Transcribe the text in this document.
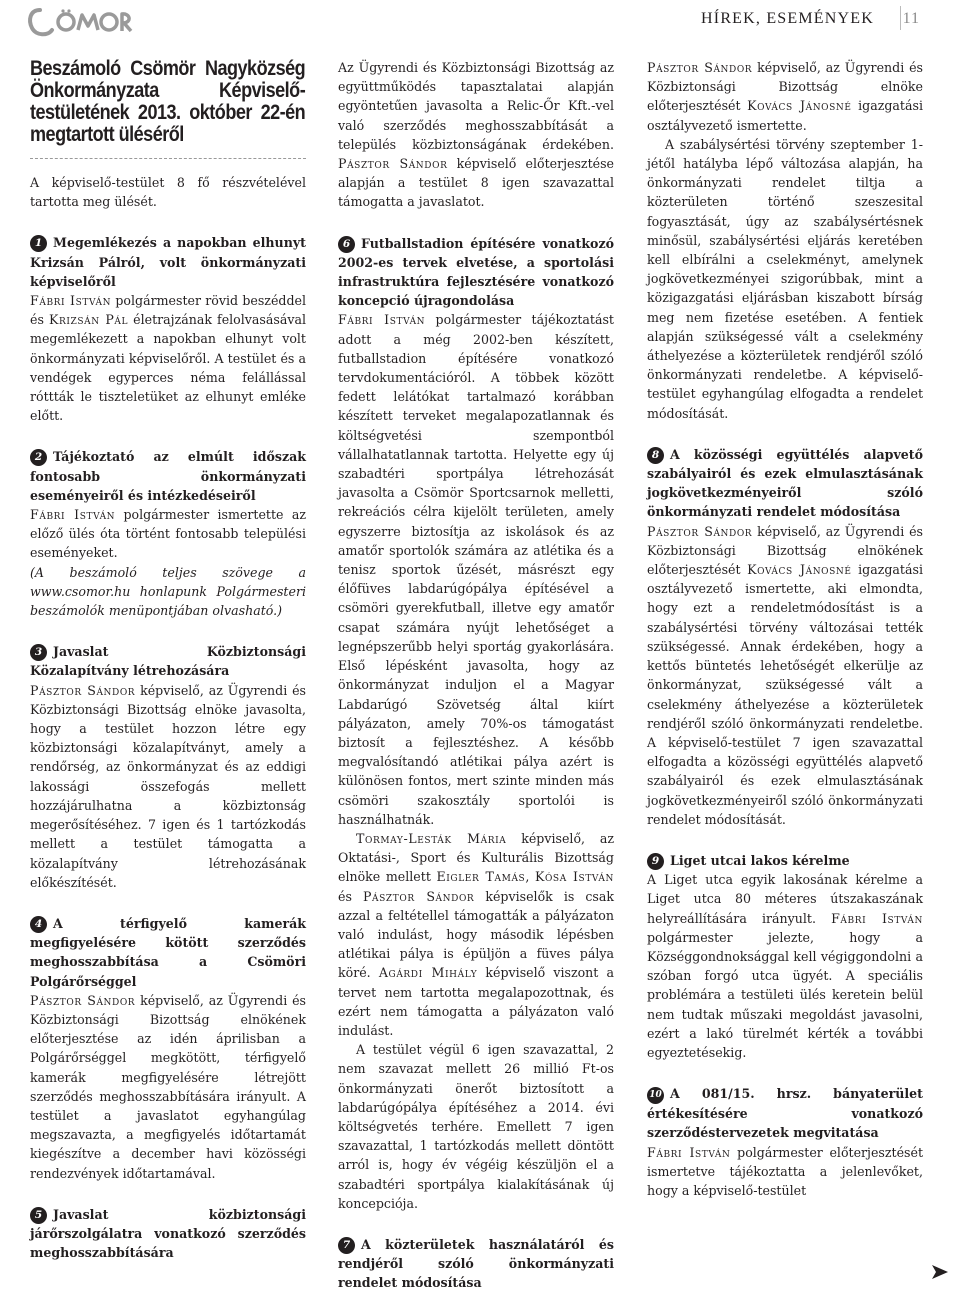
HÍREK, ESEMÉNYEK 11
Beszámoló Csömör Nagyközség Önkormányzata Képviselő-testületének 2013. október 22-én megtartott üléséről

A képviselő-testület 8 fő részvételével tartotta meg ülését.

1 Megemlékezés a napokban elhunyt Krizsán Pálról, volt önkormányzati képviselőről

Fábri István polgármester rövid beszéddel és Krizsán Pál életrajzának felolvasásával megemlékezett a napokban elhunyt volt önkormányzati képviselőről. A testület és a vendégek egyperces néma felállással róttták le tiszteletüket az elhunyt emléke előtt.

2 Tájékoztató az elmúlt időszak fontosabb önkormányzati eseményeiről és intézkedéseiről

Fábri István polgármester ismertette az előző ülés óta történt fontosabb települési eseményeket.

(A beszámoló teljes szövege a www.csomor.hu honlapunk Polgármesteri beszámolók menüpontjában olvasható.)

3 Javaslat Közbiztonsági Közalapítvány létrehozására

Pásztor Sándor képviselő, az Ügyrendi és Közbiztonsági Bizottság elnöke javasolta, hogy a testület hozzon létre egy közbiztonsági közalapítványt, amely a rendőrség, az önkormányzat és az eddigi lakossági összefogás mellett hozzájárulhatna a közbiztonság megerősítéséhez. 7 igen és 1 tartózkodás mellett a testület támogatta a közalapítvány létrehozásának előkészítését.

4 A térfigyelő kamerák megfigyelésére kötött szerződés meghosszabbítása a Csömöri Polgárőrséggel

Pásztor Sándor képviselő, az Ügyrendi és Közbiztonsági Bizottság elnökének előterjesztése az idén áprilisban a Polgárőrséggel megkötött, térfigyelő kamerák megfigyelésére létrejött szerződés meghosszabbítására irányult. A testület a javaslatot egyhangúlag megszavazta, a megfigyelés időtartamát kiegészítve a december havi közösségi rendezvények időtartamával.

5 Javaslat közbiztonsági járőrszolgálatra vonatkozó szerződés meghosszabbítására

Az Ügyrendi és Közbiztonsági Bizottság az együttműködés tapasztalatai alapján egyöntetűen javasolta a Relic-Őr Kft.-vel való szerződés meghosszabbítását a település közbiztonságának érdekében. Pásztor Sándor képviselő előterjesztése alapján a testület 8 igen szavazattal támogatta a javaslatot.

6 Futballstadion építésére vonatkozó 2002-es tervek elvetése, a sportolási infrastruktúra fejlesztésére vonatkozó koncepció újragondolása

Fábri István polgármester tájékoztatást adott a még 2002-ben készített, futballstadion építésére vonatkozó tervdokumentációról. A többek között fedett lelátókat tartalmazó korábban készített terveket megalapozatlannak és költségvetési szempontból vállalhatatlannak tartotta. Helyette egy új szabadtéri sportpálya létrehozását javasolta a Csömör Sportcsarnok melletti, rekreációs célra kijelölt területen, amely egyszerre biztosítja az iskolások és az amatőr sportolók számára az atlétika és a tenisz sportok űzését, másrészt egy élőfüves labdarúgópálya építésével a csömöri gyerekfutball, illetve egy amatőr csapat számára nyújt lehetőséget a legnépszerűbb helyi sportág gyakorlására. Első lépésként javasolta, hogy az önkormányzat induljon el a Magyar Labdarúgó Szövetség által kiírt pályázaton, amely 70%-os támogatást biztosít a fejlesztéshez. A később megvalósítandó atlétikai pálya azért is különösen fontos, mert szinte minden más csömöri szakosztály sportolói is használhatnák.

Tormay-Lesták Mária képviselő, az Oktatási-, Sport és Kulturális Bizottság elnöke mellett Eigler Tamás, Kósa István és Pásztor Sándor képviselők is csak azzal a feltétellel támogatták a pályázaton való indulást, hogy második lépésben atlétikai pálya is épüljön a füves pálya köré. Agárdi Mihály képviselő viszont a tervet nem tartotta megalapozottnak, és ezért nem támogatta a pályázaton való indulást.

A testület végül 6 igen szavazattal, 2 nem szavazat mellett 26 millió Ft-os önkormányzati önerőt biztosított a labdarúgópálya építéséhez a 2014. évi költségvetés terhére. Emellett 7 igen szavazattal, 1 tartózkodás mellett döntött arról is, hogy év végéig készüljön el a szabadtéri sportpálya kialakításának új koncepciója.

7 A közterületek használatáról és rendjéről szóló önkormányzati rendelet módosítása

Pásztor Sándor képviselő, az Ügyrendi és Közbiztonsági Bizottság elnöke előterjesztését Kovács Jánosné igazgatási osztályvezető ismertette.

A szabálysértési törvény szeptember 1-jétől hatályba lépő változása alapján, ha önkormányzati rendelet tiltja a közterületen történő szeszesital fogyasztását, úgy az szabálysértésnek minősül, szabálysértési eljárás keretében kell elbírálni a cselekményt, amelynek jogkövetkezményei szigorúbbak, mint a közigazgatási eljárásban kiszabott bírság meg nem fizetése esetében. A fentiek alapján szükségessé vált a cselekmény áthelyezése a közterületek rendjéről szóló önkormányzati rendeletbe. A képviselő-testület egyhangúlag elfogadta a rendelet módosítását.

8 A közösségi együttélés alapvető szabályairól és ezek elmulasztásának jogkövetkezményeiről szóló önkormányzati rendelet módosítása

Pásztor Sándor képviselő, az Ügyrendi és Közbiztonsági Bizottság elnökének előterjesztését Kovács Jánosné igazgatási osztályvezető ismertette, aki elmondta, hogy ezt a rendeletmódosítást is a szabálysértési törvény változásai tették szükségessé. Annak érdekében, hogy a kettős büntetés lehetőségét elkerülje az önkormányzat, szükségessé vált a cselekmény áthelyezése a közterületek rendjéről szóló önkormányzati rendeletbe. A képviselő-testület 7 igen szavazattal elfogadta a közösségi együttélés alapvető szabályairól és ezek elmulasztásának jogkövetkezményeiről szóló önkormányzati rendelet módosítását.

9 Liget utcai lakos kérelme

A Liget utca egyik lakosának kérelme a Liget utca 80 méteres útszakaszának helyreállítására irányult. Fábri István polgármester jelezte, hogy a Községgondnoksággal kell végiggondolni a szóban forgó utca ügyét. A speciális problémára a testületi ülés keretein belül nem tudtak műszaki megoldást javasolni, ezért a lakó türelmét kérték a további egyeztetésekig.

10 A 081/15. hrsz. bányaterület értékesítésére vonatkozó szerződéstervezetek megvitatása

Fábri István polgármester előterjesztését ismertetve tájékoztatta a jelenlevőket, hogy a képviselő-testület
